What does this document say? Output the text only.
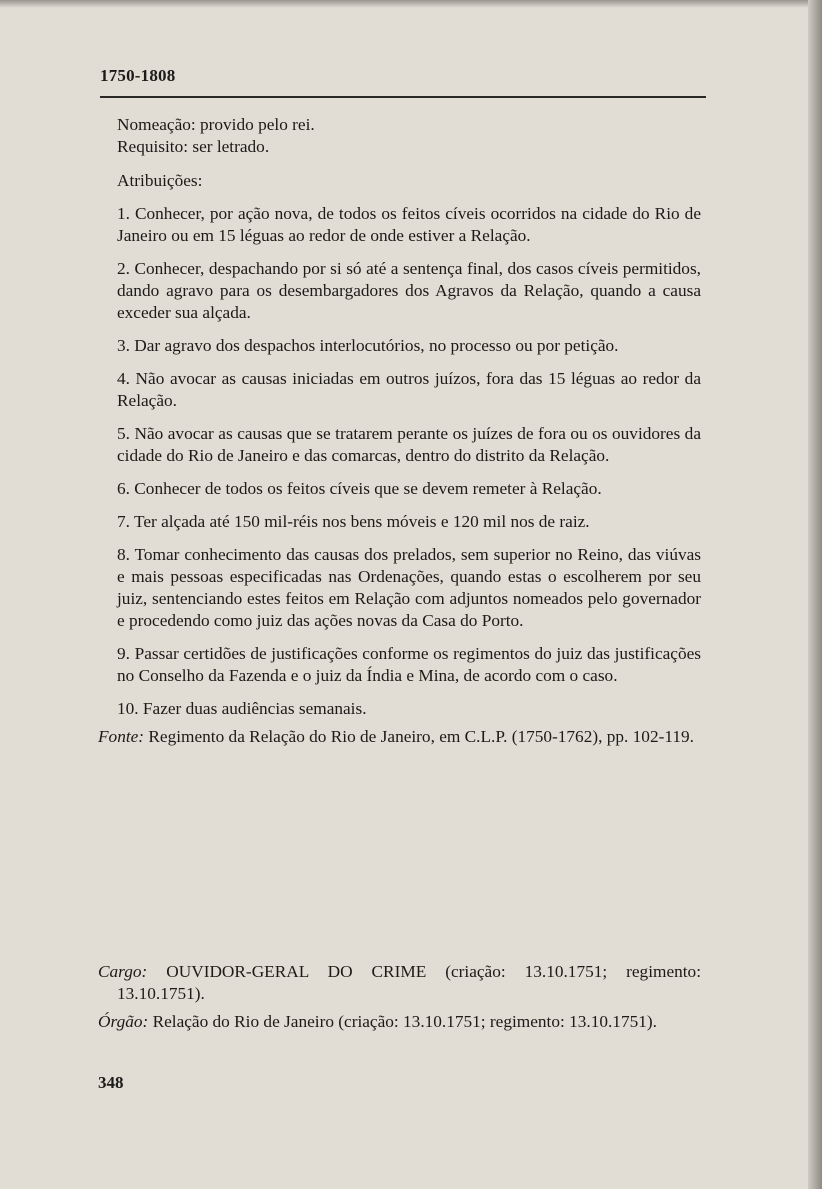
1750-1808

Nomeação: provido pelo rei.

Requisito: ser letrado.

Atribuições:

1. Conhecer, por ação nova, de todos os feitos cíveis ocorridos na cidade do Rio de Janeiro ou em 15 léguas ao redor de onde estiver a Relação.

2. Conhecer, despachando por si só até a sentença final, dos casos cíveis permitidos, dando agravo para os desembargadores dos Agravos da Relação, quando a causa exceder sua alçada.

3. Dar agravo dos despachos interlocutórios, no processo ou por petição.

4. Não avocar as causas iniciadas em outros juízos, fora das 15 léguas ao redor da Relação.

5. Não avocar as causas que se tratarem perante os juízes de fora ou os ouvidores da cidade do Rio de Janeiro e das comarcas, dentro do distrito da Relação.

6. Conhecer de todos os feitos cíveis que se devem remeter à Relação.

7. Ter alçada até 150 mil-réis nos bens móveis e 120 mil nos de raiz.

8. Tomar conhecimento das causas dos prelados, sem superior no Reino, das viúvas e mais pessoas especificadas nas Ordenações, quando estas o escolherem por seu juiz, sentenciando estes feitos em Relação com adjuntos nomeados pelo governador e procedendo como juiz das ações novas da Casa do Porto.

9. Passar certidões de justificações conforme os regimentos do juiz das justificações no Conselho da Fazenda e o juiz da Índia e Mina, de acordo com o caso.

10. Fazer duas audiências semanais.

Fonte: Regimento da Relação do Rio de Janeiro, em C.L.P. (1750-1762), pp. 102-119.

Cargo: OUVIDOR-GERAL DO CRIME (criação: 13.10.1751; regimento: 13.10.1751).

Órgão: Relação do Rio de Janeiro (criação: 13.10.1751; regimento: 13.10.1751).

348
